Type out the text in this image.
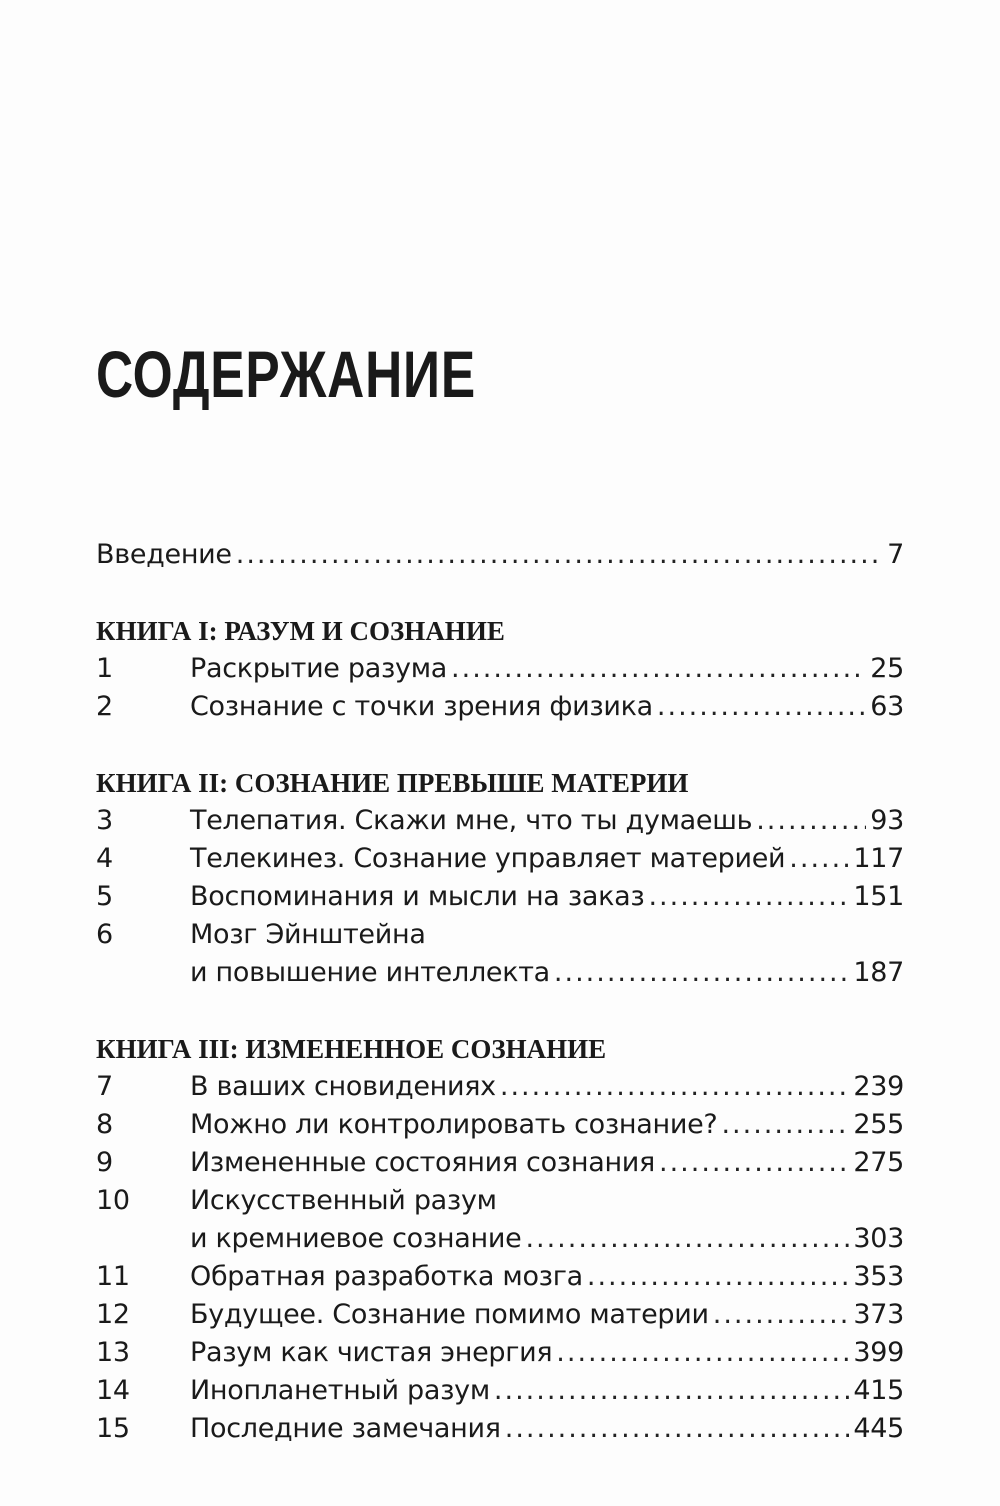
СОДЕРЖАНИЕ
Введение .....	7
КНИГА I: РАЗУМ И СОЗНАНИЕ
1	Раскрытие разума .....	25
2	Сознание с точки зрения физика .....	63
КНИГА II: СОЗНАНИЕ ПРЕВЫШЕ МАТЕРИИ
3	Телепатия. Скажи мне, что ты думаешь .....	93
4	Телекинез. Сознание управляет материей .....	117
5	Воспоминания и мысли на заказ .....	151
6	Мозг Эйнштейна
и повышение интеллекта .....	187
КНИГА III: ИЗМЕНЕННОЕ СОЗНАНИЕ
7	В ваших сновидениях .....	239
8	Можно ли контролировать сознание? .....	255
9	Измененные состояния сознания .....	275
10	Искусственный разум
и кремниевое сознание .....	303
11	Обратная разработка мозга .....	353
12	Будущее. Сознание помимо материи .....	373
13	Разум как чистая энергия .....	399
14	Инопланетный разум .....	415
15	Последние замечания .....	445
